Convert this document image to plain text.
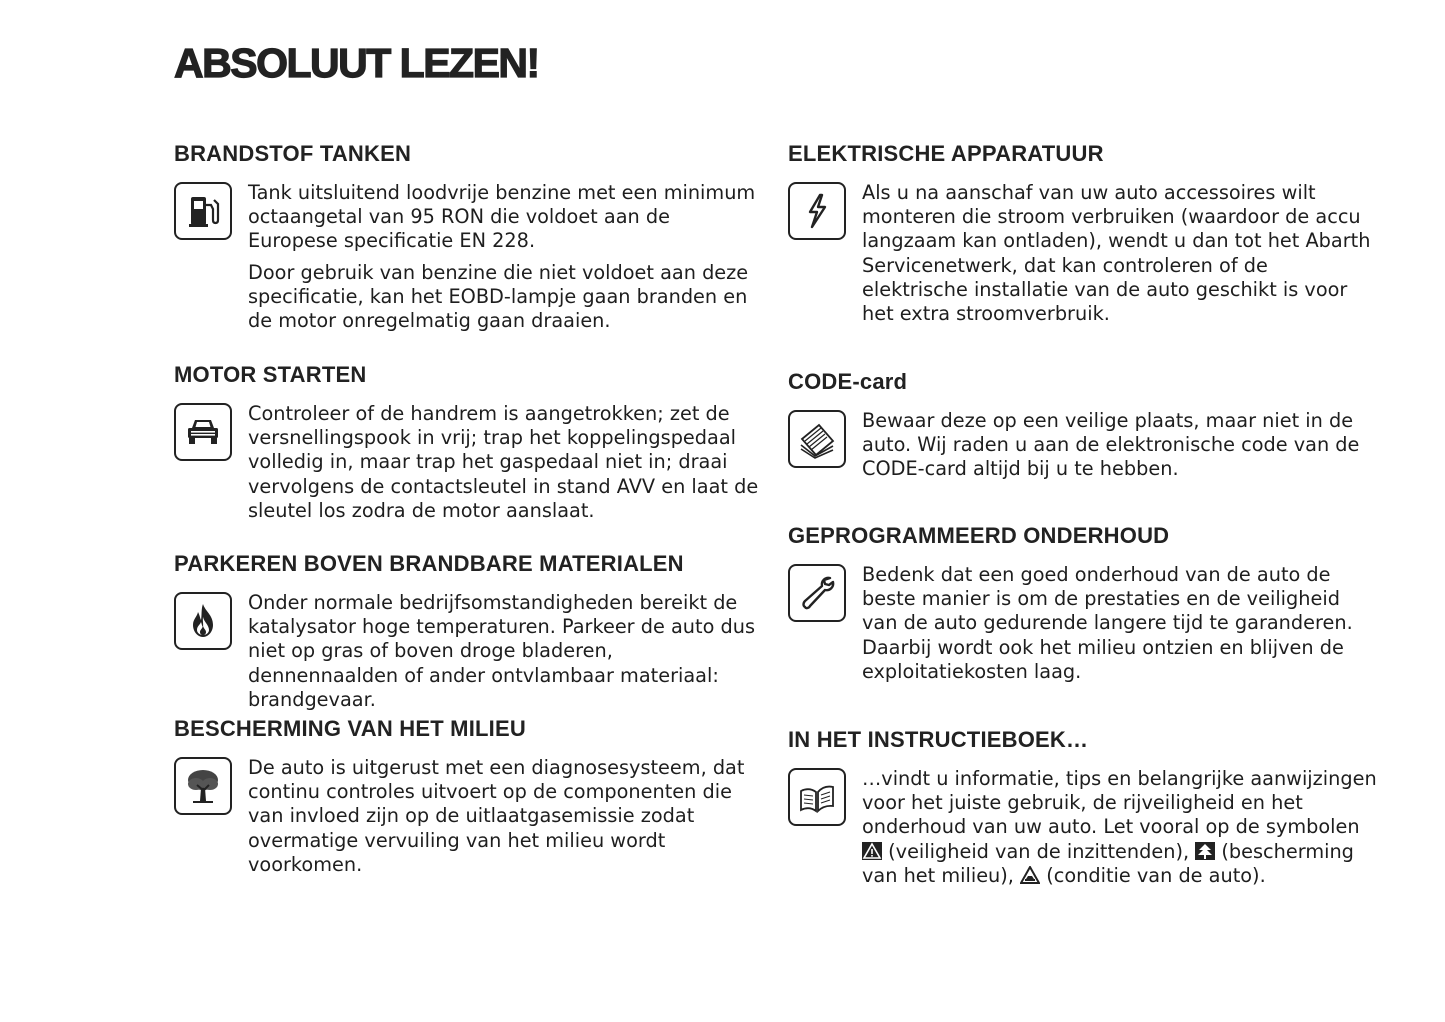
ABSOLUUT LEZEN!
BRANDSTOF TANKEN

Tank uitsluitend loodvrije benzine met een minimum octaangetal van 95 RON die voldoet aan de Europese specificatie EN 228.

Door gebruik van benzine die niet voldoet aan deze specificatie, kan het EOBD-lampje gaan branden en de motor onregelmatig gaan draaien.

MOTOR STARTEN

Controleer of de handrem is aangetrokken; zet de versnellingspook in vrij; trap het koppelingspedaal volledig in, maar trap het gaspedaal niet in; draai vervolgens de contactsleutel in stand AVV en laat de sleutel los zodra de motor aanslaat.

PARKEREN BOVEN BRANDBARE MATERIALEN

Onder normale bedrijfsomstandigheden bereikt de katalysator hoge temperaturen. Parkeer de auto dus niet op gras of boven droge bladeren, dennennaalden of ander ontvlambaar materiaal: brandgevaar.

BESCHERMING VAN HET MILIEU

De auto is uitgerust met een diagnosesysteem, dat continu controles uitvoert op de componenten die van invloed zijn op de uitlaatgasemissie zodat overmatige vervuiling van het milieu wordt voorkomen.

ELEKTRISCHE APPARATUUR

Als u na aanschaf van uw auto accessoires wilt monteren die stroom verbruiken (waardoor de accu langzaam kan ontladen), wendt u dan tot het Abarth Servicenetwerk, dat kan controleren of de elektrische installatie van de auto geschikt is voor het extra stroomverbruik.

CODE-card

Bewaar deze op een veilige plaats, maar niet in de auto. Wij raden u aan de elektronische code van de CODE-card altijd bij u te hebben.

GEPROGRAMMEERD ONDERHOUD

Bedenk dat een goed onderhoud van de auto de beste manier is om de prestaties en de veiligheid van de auto gedurende langere tijd te garanderen. Daarbij wordt ook het milieu ontzien en blijven de exploitatiekosten laag.

IN HET INSTRUCTIEBOEK…

…vindt u informatie, tips en belangrijke aanwijzingen voor het juiste gebruik, de rijveiligheid en het onderhoud van uw auto. Let vooral op de symbolen  (veiligheid van de inzittenden), (bescherming van het milieu), (conditie van de auto).
